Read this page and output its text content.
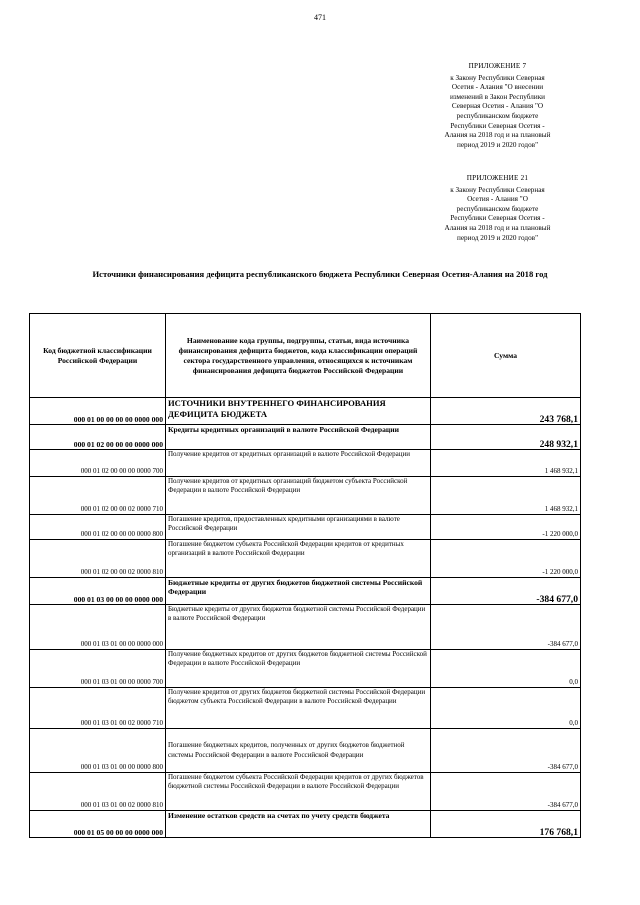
471
ПРИЛОЖЕНИЕ 7
к Закону Республики Северная
Осетия - Алания "О внесении
изменений в Закон Республики
Северная Осетия - Алания "О
республиканском бюджете
Республики Северная Осетия -
Алания на 2018 год и на плановый
период 2019 и 2020 годов"
ПРИЛОЖЕНИЕ 21
к Закону Республики Северная
Осетия - Алания "О
республиканском бюджете
Республики Северная Осетия -
Алания на 2018 год и на плановый
период 2019 и 2020 годов"
Источники финансирования дефицита республиканского бюджета Республики Северная Осетия-Алания на 2018 год
Код бюджетной классификации Российской Федерации	Наименование кода группы, подгруппы, статьи, вида источника финансирования дефицита бюджетов, кода классификации операций сектора государственного управления, относящихся к источникам финансирования дефицита бюджетов Российской Федерации	Сумма
000 01 00 00 00 00 0000 000	ИСТОЧНИКИ ВНУТРЕННЕГО ФИНАНСИРОВАНИЯ ДЕФИЦИТА БЮДЖЕТА	243 768,1
000 01 02 00 00 00 0000 000	Кредиты кредитных организаций в валюте Российской Федерации	248 932,1
000 01 02 00 00 00 0000 700	Получение кредитов от кредитных организаций в валюте Российской Федерации	1 468 932,1
000 01 02 00 00 02 0000 710	Получение кредитов от кредитных организаций бюджетом субъекта Российской Федерации в валюте Российской Федерации	1 468 932,1
000 01 02 00 00 00 0000 800	Погашение кредитов, предоставленных кредитными организациями в валюте Российской Федерации	-1 220 000,0
000 01 02 00 00 02 0000 810	Погашение бюджетом субъекта Российской Федерации кредитов от кредитных организаций в валюте Российской Федерации	-1 220 000,0
000 01 03 00 00 00 0000 000	Бюджетные кредиты от других бюджетов бюджетной системы Российской Федерации	-384 677,0
000 01 03 01 00 00 0000 000	Бюджетные кредиты от других бюджетов бюджетной системы Российской Федерации в валюте Российской Федерации	-384 677,0
000 01 03 01 00 00 0000 700	Получение бюджетных кредитов от других бюджетов бюджетной системы Российской Федерации в валюте Российской Федерации	0,0
000 01 03 01 00 02 0000 710	Получение кредитов от других бюджетов бюджетной системы Российской Федерации бюджетом субъекта Российской Федерации в валюте Российской Федерации	0,0
000 01 03 01 00 00 0000 800	Погашение бюджетных кредитов, полученных от других бюджетов бюджетной системы Российской Федерации в валюте Российской Федерации	-384 677,0
000 01 03 01 00 02 0000 810	Погашение бюджетом субъекта Российской Федерации кредитов от других бюджетов бюджетной системы Российской Федерации в валюте Российской Федерации	-384 677,0
000 01 05 00 00 00 0000 000	Изменение остатков средств на счетах по учету средств бюджета	176 768,1
